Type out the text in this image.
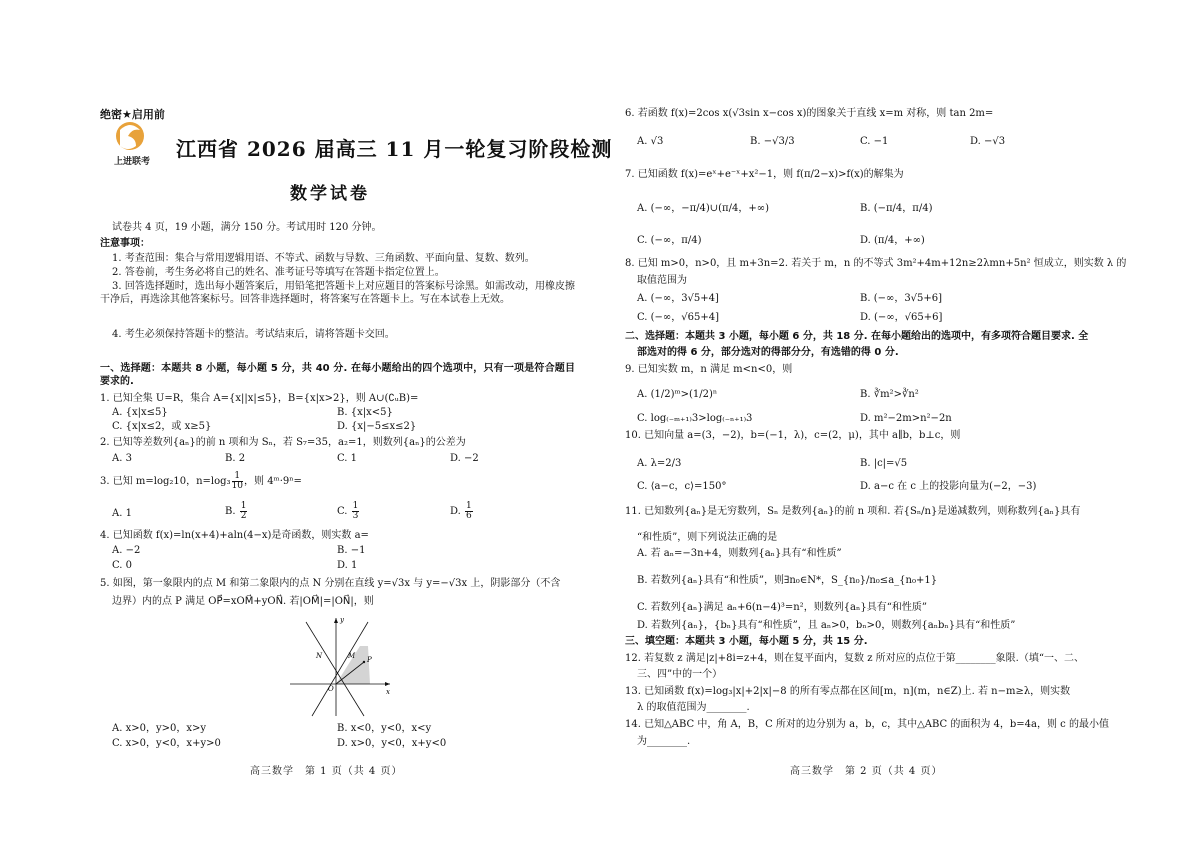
绝密★启用前
上进联考
江西省 2026 届高三 11 月一轮复习阶段检测
数学试卷
试卷共 4 页，19 小题，满分 150 分。考试用时 120 分钟。
注意事项：
1. 考查范围：集合与常用逻辑用语、不等式、函数与导数、三角函数、平面向量、复数、数列。
2. 答卷前，考生务必将自己的姓名、准考证号等填写在答题卡指定位置上。
3. 回答选择题时，选出每小题答案后，用铅笔把答题卡上对应题目的答案标号涂黑。如需改动，用橡皮擦干净后，再选涂其他答案标号。回答非选择题时，将答案写在答题卡上。写在本试卷上无效。
4. 考生必须保持答题卡的整洁。考试结束后，请将答题卡交回。
一、选择题：本题共 8 小题，每小题 5 分，共 40 分. 在每小题给出的四个选项中，只有一项是符合题目要求的.
1. 已知全集 U=R，集合 A={x||x|≤5}，B={x|x>2}，则 A∪(∁ᵤB)=
A. {x|x≤5}	B. {x|x<5}
C. {x|x≤2，或 x≥5}	D. {x|−5≤x≤2}
2. 已知等差数列{aₙ}的前 n 项和为 Sₙ，若 S₇=35，a₂=1，则数列{aₙ}的公差为
A. 3	B. 2	C. 1	D. −2
3. 已知 m=log₂10，$n=\log_3 \frac{1}{10}$ ，则 4ᵐ·9ⁿ=
A. 1	B. $\frac{1}{2}$	C. $\frac{1}{3}$	D. $\frac{1}{6}$
4. 已知函数 f(x)=ln(x+4)+aln(4−x)是奇函数，则实数 a=
A. −2	B. −1
C. 0	D. 1
5. 如图，第一象限内的点 M 和第二象限内的点 N 分别在直线 y=√3x 与 y=−√3x 上，阴影部分（不含
边界）内的点 P 满足 OP⃗=xOM⃗+yON⃗. 若|OM⃗|=|ON⃗|，则
y
x
N	M P
O
A. x>0，y>0，x>y	B. x<0，y<0，x<y
C. x>0，y<0，x+y>0	D. x>0，y<0，x+y<0
高三数学　第 1 页（共 4 页）
6. 若函数 f(x)=2cos x(√3sin x−cos x)的图象关于直线 x=m 对称，则 tan 2m=
A. √3	B. −√3/3	C. −1	D. −√3
7. 已知函数 f(x)=eˣ+e⁻ˣ+x²−1，则 f(π/2−x)>f(x)的解集为
A. (−∞，−π/4)∪(π/4，+∞)	B. (−π/4，π/4)
C. (−∞，π/4)	D. (π/4，+∞)
8. 已知 m>0，n>0，且 m+3n=2. 若关于 m，n 的不等式 3m²+4m+12n≥2λmn+5n² 恒成立，则实数 λ 的
取值范围为
A. (−∞，3√5+4]	B. (−∞，3√5+6]
C. (−∞，√65+4]	D. (−∞，√65+6]
二、选择题：本题共 3 小题，每小题 6 分，共 18 分. 在每小题给出的选项中，有多项符合题目要求. 全
部选对的得 6 分，部分选对的得部分分，有选错的得 0 分.
9. 已知实数 m，n 满足 m<n<0，则
A. (1/2)ᵐ>(1/2)ⁿ	B. ∛m²>∛n²
C. log₍₋ₘ₊₁₎3>log₍₋ₙ₊₁₎3	D. m²−2m>n²−2n
10. 已知向量 a=(3，−2)，b=(−1，λ)，c=(2，μ)，其中 a∥b，b⊥c，则
A. λ=2/3	B. |c|=√5
C. ⟨a−c，c⟩=150°	D. a−c 在 c 上的投影向量为(−2，−3)
11. 已知数列{aₙ}是无穷数列，Sₙ 是数列{aₙ}的前 n 项和. 若{Sₙ/n}是递减数列，则称数列{aₙ}具有
“和性质”，则下列说法正确的是
A. 若 aₙ=−3n+4，则数列{aₙ}具有“和性质”
B. 若数列{aₙ}具有“和性质”，则∃n₀∈N*，S_{n₀}/n₀≤a_{n₀+1}
C. 若数列{aₙ}满足 aₙ+6(n−4)³=n²，则数列{aₙ}具有“和性质”
D. 若数列{aₙ}，{bₙ}具有“和性质”，且 aₙ>0，bₙ>0，则数列{aₙbₙ}具有“和性质”
三、填空题：本题共 3 小题，每小题 5 分，共 15 分.
12. 若复数 z 满足|z|+8i=z+4，则在复平面内，复数 z 所对应的点位于第________象限.（填“一、二、
三、四”中的一个）
13. 已知函数 f(x)=log₃|x|+2|x|−8 的所有零点都在区间[m，n](m，n∈Z)上. 若 n−m≥λ，则实数
λ 的取值范围为________.
14. 已知△ABC 中，角 A，B，C 所对的边分别为 a，b，c，其中△ABC 的面积为 4，b=4a，则 c 的最小值
为________.
高三数学　第 2 页（共 4 页）
